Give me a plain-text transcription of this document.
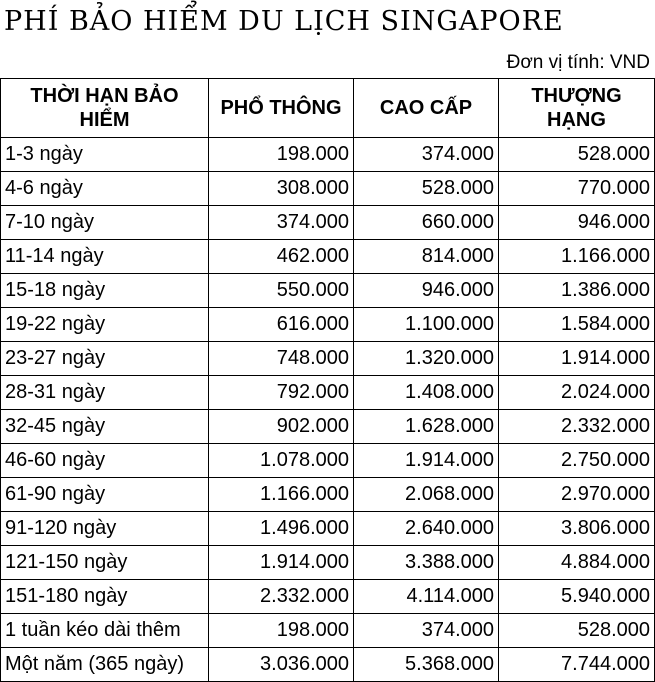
PHÍ BẢO HIỂM DU LỊCH SINGAPORE
Đơn vị tính: VND
THỜI HẠN BẢO HIỂM	PHỔ THÔNG	CAO CẤP	THƯỢNG HẠNG
1-3 ngày	198.000	374.000	528.000
4-6 ngày	308.000	528.000	770.000
7-10 ngày	374.000	660.000	946.000
11-14 ngày	462.000	814.000	1.166.000
15-18 ngày	550.000	946.000	1.386.000
19-22 ngày	616.000	1.100.000	1.584.000
23-27 ngày	748.000	1.320.000	1.914.000
28-31 ngày	792.000	1.408.000	2.024.000
32-45 ngày	902.000	1.628.000	2.332.000
46-60 ngày	1.078.000	1.914.000	2.750.000
61-90 ngày	1.166.000	2.068.000	2.970.000
91-120 ngày	1.496.000	2.640.000	3.806.000
121-150 ngày	1.914.000	3.388.000	4.884.000
151-180 ngày	2.332.000	4.114.000	5.940.000
1 tuần kéo dài thêm	198.000	374.000	528.000
Một năm (365 ngày)	3.036.000	5.368.000	7.744.000
